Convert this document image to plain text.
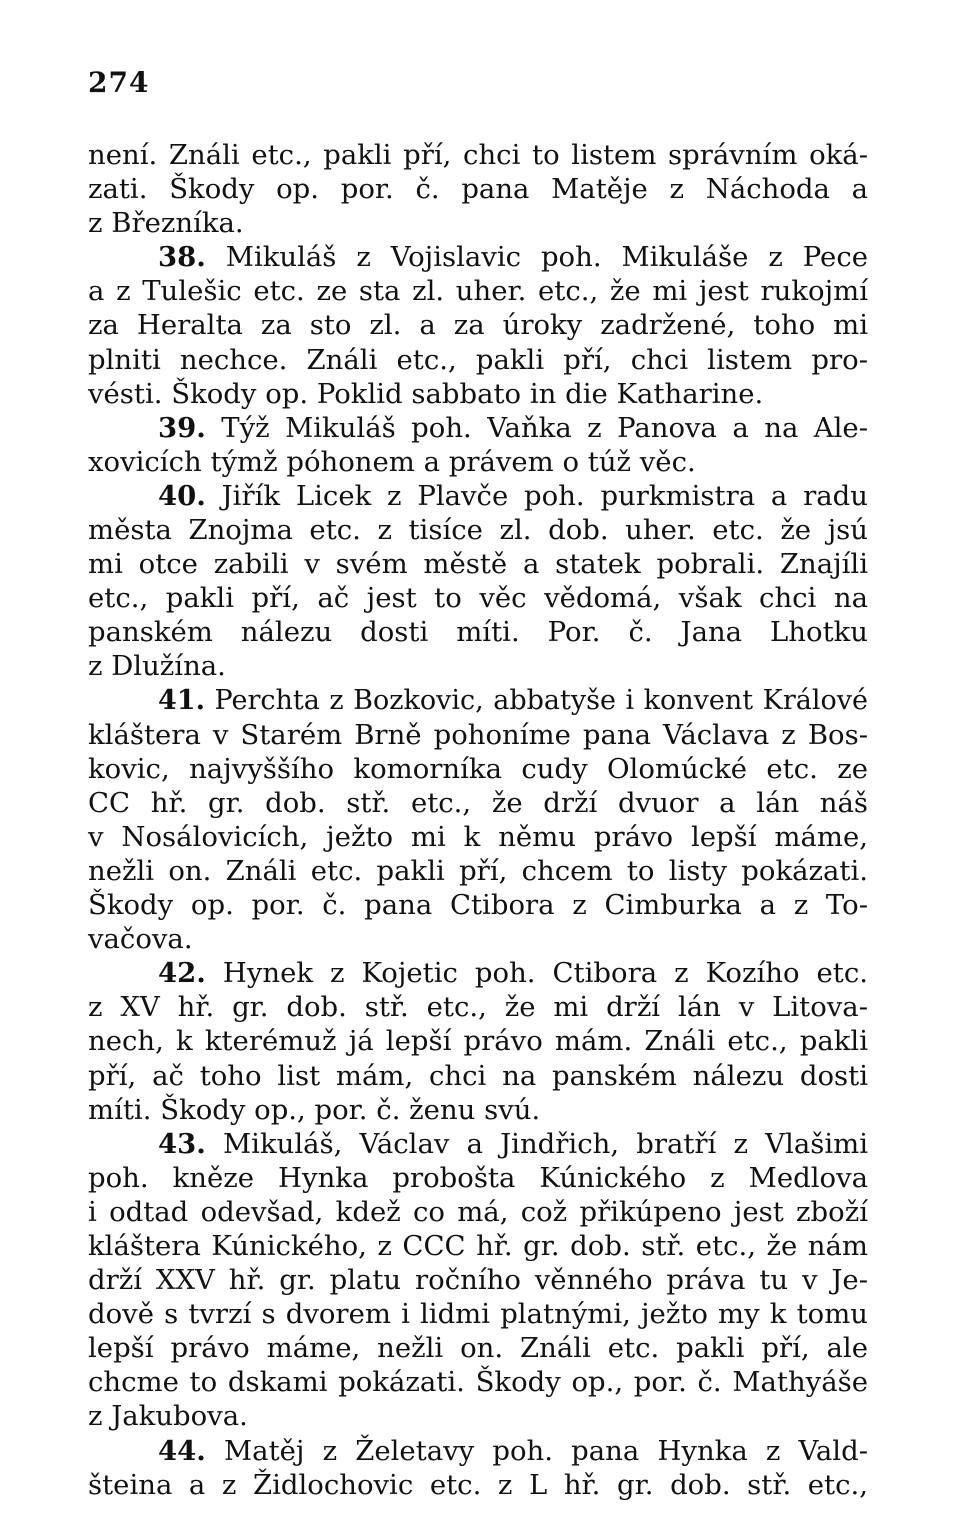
274
není. Ználi etc., pakli pří, chci to listem správním oká-
zati. Škody op. por. č. pana Matěje z Náchoda a
z Březníka.
38. Mikuláš z Vojislavic poh. Mikuláše z Pece
a z Tulešic etc. ze sta zl. uher. etc., že mi jest rukojmí
za Heralta za sto zl. a za úroky zadržené, toho mi
plniti nechce. Ználi etc., pakli pří, chci listem pro-
vésti. Škody op. Poklid sabbato in die Katharine.
39. Týž Mikuláš poh. Vaňka z Panova a na Ale-
xovicích týmž póhonem a právem o túž věc.
40. Jiřík Licek z Plavče poh. purkmistra a radu
města Znojma etc. z tisíce zl. dob. uher. etc. že jsú
mi otce zabili v svém městě a statek pobrali. Znajíli
etc., pakli pří, ač jest to věc vědomá, však chci na
panském nálezu dosti míti. Por. č. Jana Lhotku
z Dlužína.
41. Perchta z Bozkovic, abbatyše i konvent Králové
kláštera v Starém Brně pohoníme pana Václava z Bos-
kovic, najvyššího komorníka cudy Olomúcké etc. ze
CC hř. gr. dob. stř. etc., že drží dvuor a lán náš
v Nosálovicích, ježto mi k němu právo lepší máme,
nežli on. Ználi etc. pakli pří, chcem to listy pokázati.
Škody op. por. č. pana Ctibora z Cimburka a z To-
vačova.
42. Hynek z Kojetic poh. Ctibora z Kozího etc.
z XV hř. gr. dob. stř. etc., že mi drží lán v Litova-
nech, k kterémuž já lepší právo mám. Ználi etc., pakli
pří, ač toho list mám, chci na panském nálezu dosti
míti. Škody op., por. č. ženu svú.
43. Mikuláš, Václav a Jindřich, bratří z Vlašimi
poh. kněze Hynka probošta Kúnického z Medlova
i odtad odevšad, kdež co má, což přikúpeno jest zboží
kláštera Kúnického, z CCC hř. gr. dob. stř. etc., že nám
drží XXV hř. gr. platu ročního věnného práva tu v Je-
dově s tvrzí s dvorem i lidmi platnými, ježto my k tomu
lepší právo máme, nežli on. Ználi etc. pakli pří, ale
chcme to dskami pokázati. Škody op., por. č. Mathyáše
z Jakubova.
44. Matěj z Želetavy poh. pana Hynka z Vald-
šteina a z Židlochovic etc. z L hř. gr. dob. stř. etc.,
